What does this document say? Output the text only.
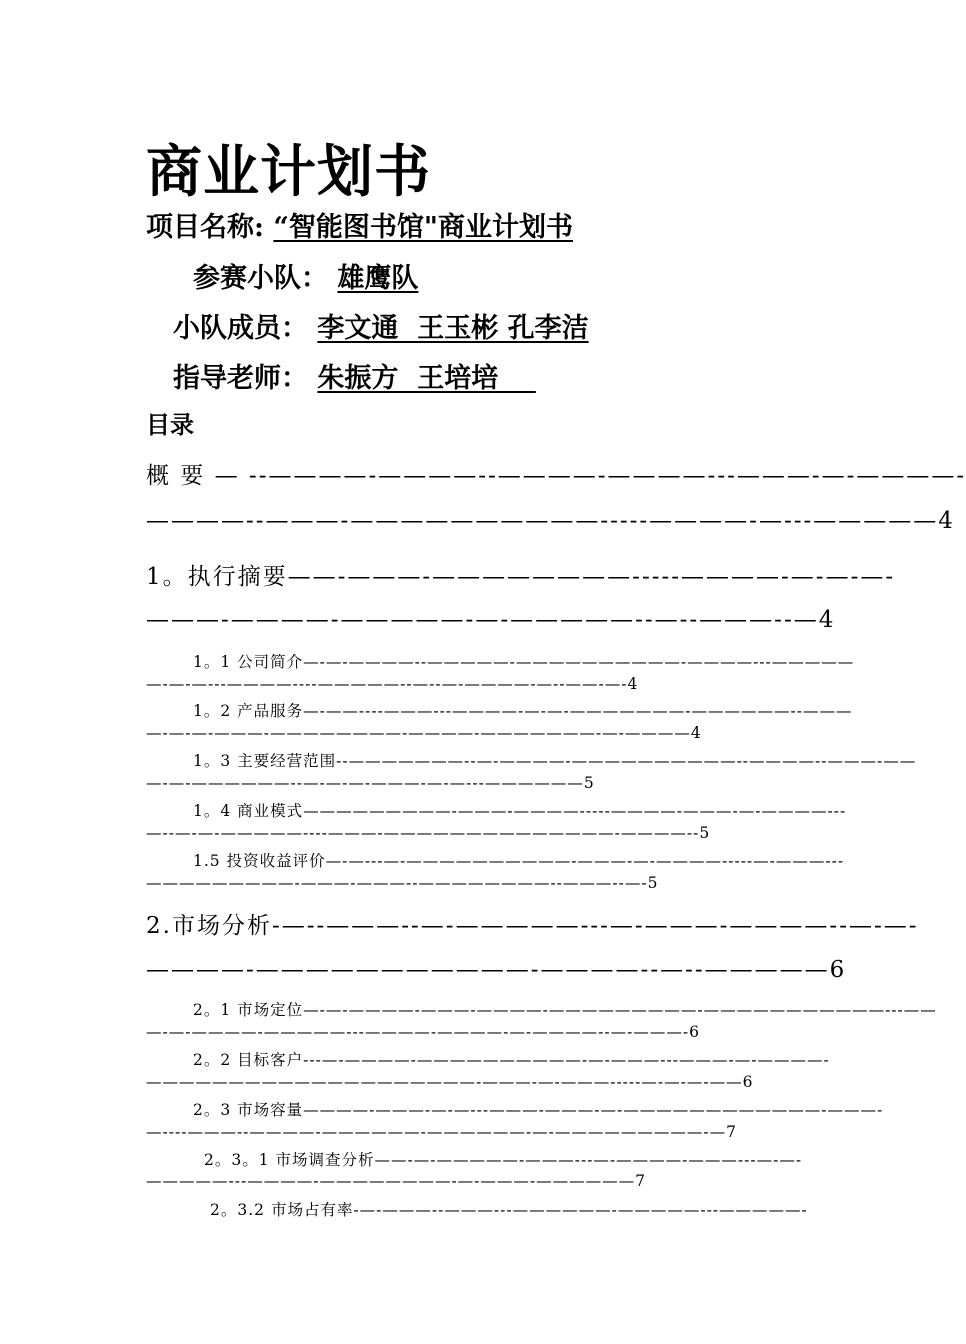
商业计划书
项目名称: “智能图书馆"商业计划书
参赛小队： 雄鹰队
小队成员： 李文通  王玉彬 孔李洁
指导老师： 朱振方  王培培
目录
概 要 — --————-————--————-————---———-—-————-
————--———-——————————-----————-—---—————4
1。执行摘要——-———-————————-----————-—-—-—-
———-————-—————-—-—————--—--———--—4
1。1 公司简介—-—-————--—————-——————————-————---—————
—-—-—---————----—————--—--—-————-—--——-—-4
1。2 产品服务—-——----———---————-—-—-———————-——————--———
—-—-—-———-————————-————-———————-—-————4
1。3 主要经营范围--———————--—-————-——————————--————--———-——
—-—-——————--—-—-—-———-—-—---——————5
1。4 商业模式—————————-———-————-----————-———-—-————---
—--—-—-—————----———-——————————————-————--5
1.5 投资收益评价—-—---—-——————————-———-—-————-----—-———---
—————————-———-———--————————--———--—-5
2.市场分析-—--———--—-—————---—-———-————--—-—-
————-———————————-————--—--—————6
2。1 市场定位—-—-————-———-————-—————————-———————————---——
—-—-————-—————---————-————-—-————--—-———-6
2。2 目标客户---—-————-——————————-—-———---———-—-————-
————————————————————-———-—-———-----—-—-—-——6
2。3 市场容量————-———-—-—---———-———-—-————————————-———-
—----———--————-——————-——————-—-—————————-—7
2。3。1 市场调查分析——-—-—————-———---—-————-———---—-—-
—————---————-————————-—-———-——————7
2。3.2 市场占有率-—-———--———---——————-—————---—————-
